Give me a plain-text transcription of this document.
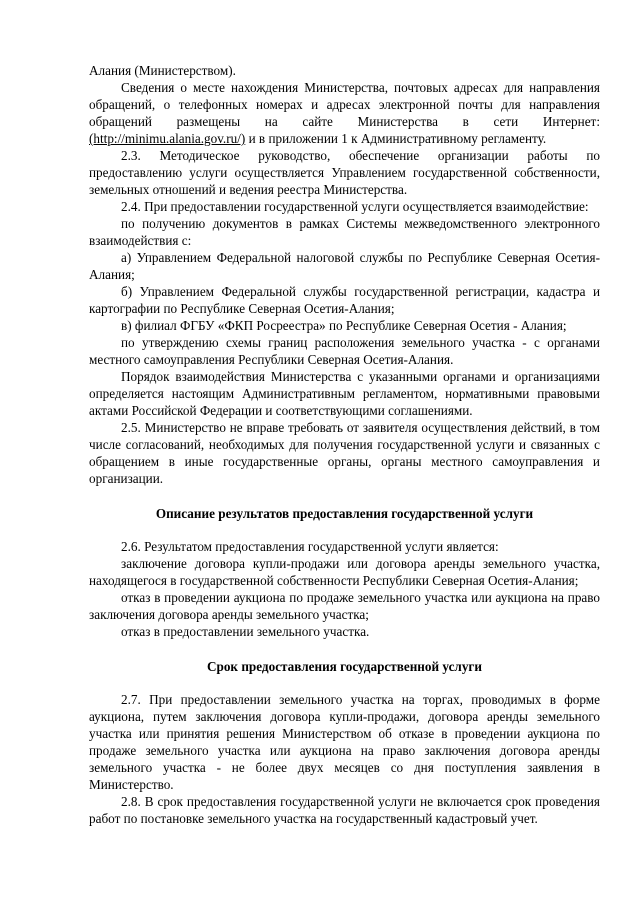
Алания (Министерством).

Сведения о месте нахождения Министерства, почтовых адресах для направления обращений, о телефонных номерах и адресах электронной почты для направления обращений размещены на сайте Министерства в сети Интернет: (http://minimu.alania.gov.ru/) и в приложении 1 к Административному регламенту.

2.3. Методическое руководство, обеспечение организации работы по предоставлению услуги осуществляется Управлением государственной собственности, земельных отношений и ведения реестра Министерства.

2.4. При предоставлении государственной услуги осуществляется взаимодействие:

по получению документов в рамках Системы межведомственного электронного взаимодействия с:

а) Управлением Федеральной налоговой службы по Республике Северная Осетия-Алания;

б) Управлением Федеральной службы государственной регистрации, кадастра и картографии по Республике Северная Осетия-Алания;

в) филиал ФГБУ «ФКП Росреестра» по Республике Северная Осетия - Алания;

по утверждению схемы границ расположения земельного участка - с органами местного самоуправления Республики Северная Осетия-Алания.

Порядок взаимодействия Министерства с указанными органами и организациями определяется настоящим Административным регламентом, нормативными правовыми актами Российской Федерации и соответствующими соглашениями.

2.5. Министерство не вправе требовать от заявителя осуществления действий, в том числе согласований, необходимых для получения государственной услуги и связанных с обращением в иные государственные органы, органы местного самоуправления и организации.

Описание результатов предоставления государственной услуги

2.6. Результатом предоставления государственной услуги является:

заключение договора купли-продажи или договора аренды земельного участка, находящегося в государственной собственности Республики Северная Осетия-Алания;

отказ в проведении аукциона по продаже земельного участка или аукциона на право заключения договора аренды земельного участка;

отказ в предоставлении земельного участка.

Срок предоставления государственной услуги

2.7. При предоставлении земельного участка на торгах, проводимых в форме аукциона, путем заключения договора купли-продажи, договора аренды земельного участка или принятия решения Министерством об отказе в проведении аукциона по продаже земельного участка или аукциона на право заключения договора аренды земельного участка - не более двух месяцев со дня поступления заявления в Министерство.

2.8. В срок предоставления государственной услуги не включается срок проведения работ по постановке земельного участка на государственный кадастровый учет.
